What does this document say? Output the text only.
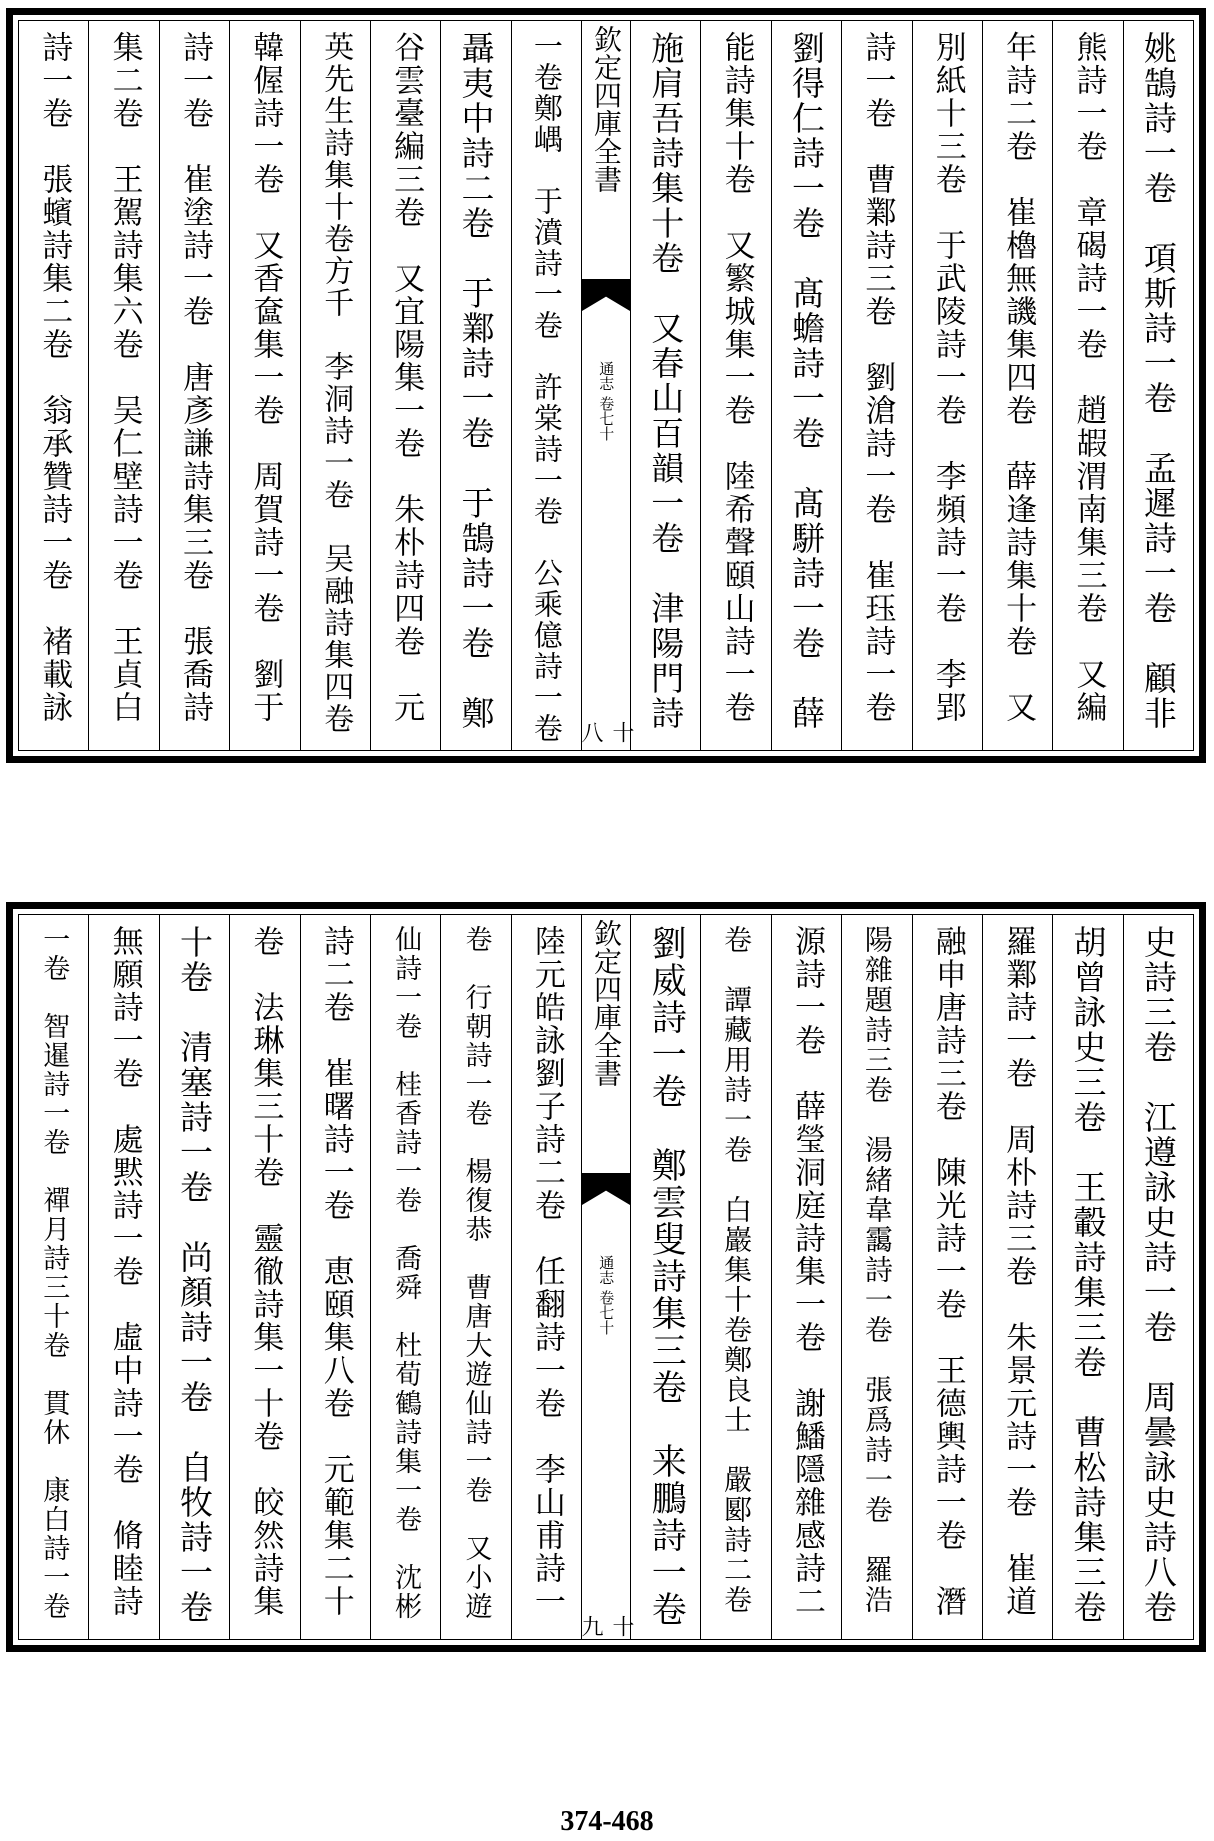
姚鵠詩一卷　項斯詩一卷　孟遲詩一卷　顧非
熊詩一卷　章碣詩一卷　趙嘏渭南集三卷　又編
年詩二卷　崔櫓無譏集四卷　薛逢詩集十卷　又
別紙十三卷　于武陵詩一卷　李頻詩一卷　李郢
詩一卷　曹鄴詩三卷　劉滄詩一卷　崔珏詩一卷
劉得仁詩一卷　髙蟾詩一卷　髙駢詩一卷　薛
能詩集十卷　又繁城集一卷　陸希聲頤山詩一卷
施肩吾詩集十卷　又春山百韻一卷　津陽門詩
欽定四庫全書
通志 卷七十
十八
一卷鄭嵎　于濆詩一卷　許棠詩一卷　公乘億詩一卷
聶夷中詩二卷　于鄴詩一卷　于鵠詩一卷　鄭
谷雲臺編三卷　又宜陽集一卷　朱朴詩四卷　元
英先生詩集十卷方千　李洞詩一卷　吴融詩集四卷
韓偓詩一卷　又香奩集一卷　周賀詩一卷　劉于
詩一卷　崔塗詩一卷　唐彥謙詩集三卷　張喬詩
集二卷　王駕詩集六卷　吴仁壁詩一卷　王貞白
詩一卷　張蠙詩集二卷　翁承贊詩一卷　褚載詠
史詩三卷　江遵詠史詩一卷　周曇詠史詩八卷
胡曾詠史三卷　王轂詩集三卷　曹松詩集三卷
羅鄴詩一卷　周朴詩三卷　朱景元詩一卷　崔道
融申唐詩三卷　陳光詩一卷　王德輿詩一卷　潛
陽雜題詩三卷　湯緒韋靄詩一卷　張爲詩一卷　羅浩
源詩一卷　薛瑩洞庭詩集一卷　謝鱕隱雜感詩二
卷　譚藏用詩一卷　白巖集十卷鄭良士　嚴郾詩二卷
劉威詩一卷　鄭雲叟詩集三卷　来鵬詩一卷
欽定四庫全書
通志 卷七十
十九
陸元皓詠劉子詩二卷　任翻詩一卷　李山甫詩一
卷　行朝詩一卷　楊復恭　曹唐大遊仙詩一卷　又小遊
仙詩一卷　桂香詩一卷　喬舜　杜荀鶴詩集一卷　沈彬
詩二卷　崔曙詩一卷　恵頤集八卷　元範集二十
卷　法琳集三十卷　靈徹詩集一十卷　皎然詩集
十卷　清塞詩一卷　尚顏詩一卷　自牧詩一卷
無願詩一卷　處黙詩一卷　虛中詩一卷　脩睦詩
一卷　智暹詩一卷　禪月詩三十卷　貫休　康白詩一卷
374-468
